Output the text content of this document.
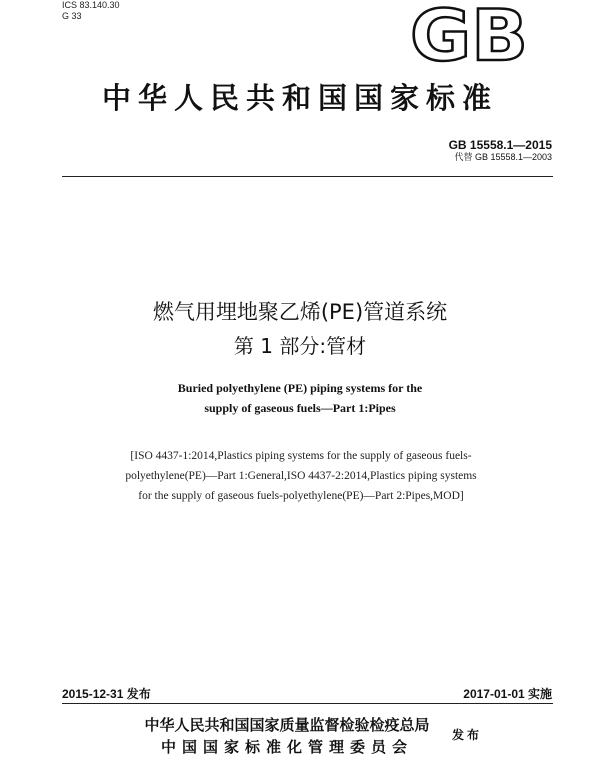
ICS 83.140.30
G 33	GB
中华人民共和国国家标准
GB 15558.1—2015
代替 GB 15558.1—2003
燃气用埋地聚乙烯(PE)管道系统
第 1 部分:管材
Buried polyethylene (PE) piping systems for the
supply of gaseous fuels—Part 1:Pipes
[ISO 4437-1:2014,Plastics piping systems for the supply of gaseous fuels-
polyethylene(PE)—Part 1:General,ISO 4437-2:2014,Plastics piping systems
for the supply of gaseous fuels-polyethylene(PE)—Part 2:Pipes,MOD]
2015-12-31 发布	2017-01-01 实施
中华人民共和国国家质量监督检验检疫总局
中国国家标准化管理委员会
发布
